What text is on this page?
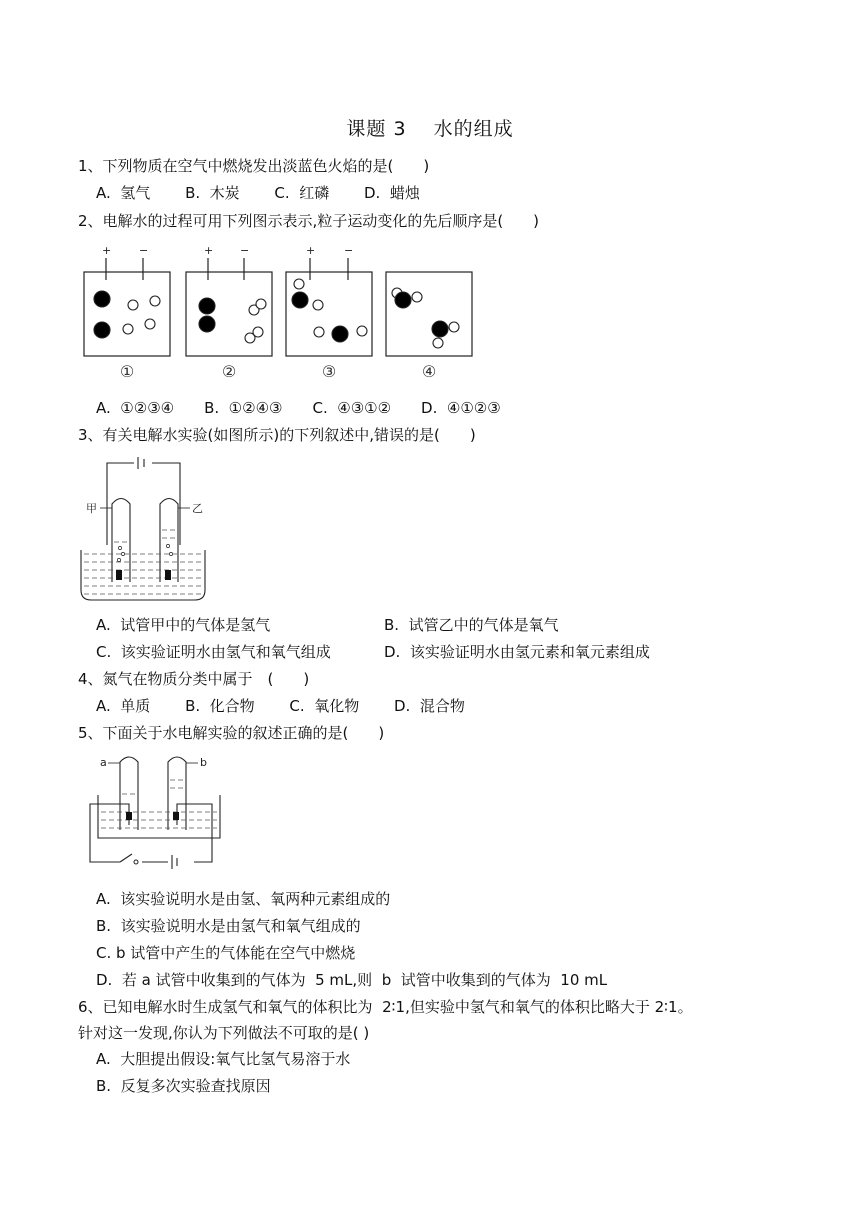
课题 3　 水的组成
1、下列物质在空气中燃烧发出淡蓝色火焰的是(　　)
A.  氢气　　 B.  木炭　　 C.  红磷　　 D.  蜡烛
2、电解水的过程可用下列图示表示,粒子运动变化的先后顺序是(　　)
+	−	+ −	+	−
①	②	③	④
A.  ①②③④　　B.  ①②④③　　C.  ④③①②　　D.  ④①②③
3、有关电解水实验(如图所示)的下列叙述中,错误的是(　　)
甲	乙
A.  试管甲中的气体是氢气	B.  试管乙中的气体是氧气
C.  该实验证明水由氢气和氧气组成	D.  该实验证明水由氢元素和氧元素组成
4、氮气在物质分类中属于　(　　)
A.  单质　　 B.  化合物　　 C.  氧化物　　 D.  混合物
5、下面关于水电解实验的叙述正确的是(　　)
a	b
A.  该实验说明水是由氢、氧两种元素组成的
B.  该实验说明水是由氢气和氧气组成的
C. b 试管中产生的气体能在空气中燃烧
D.  若 a 试管中收集到的气体为  5 mL,则  b  试管中收集到的气体为  10 mL
6、已知电解水时生成氢气和氧气的体积比为  2∶1,但实验中氢气和氧气的体积比略大于 2∶1。
针对这一发现,你认为下列做法不可取的是( )
A.  大胆提出假设:氧气比氢气易溶于水
B.  反复多次实验查找原因
